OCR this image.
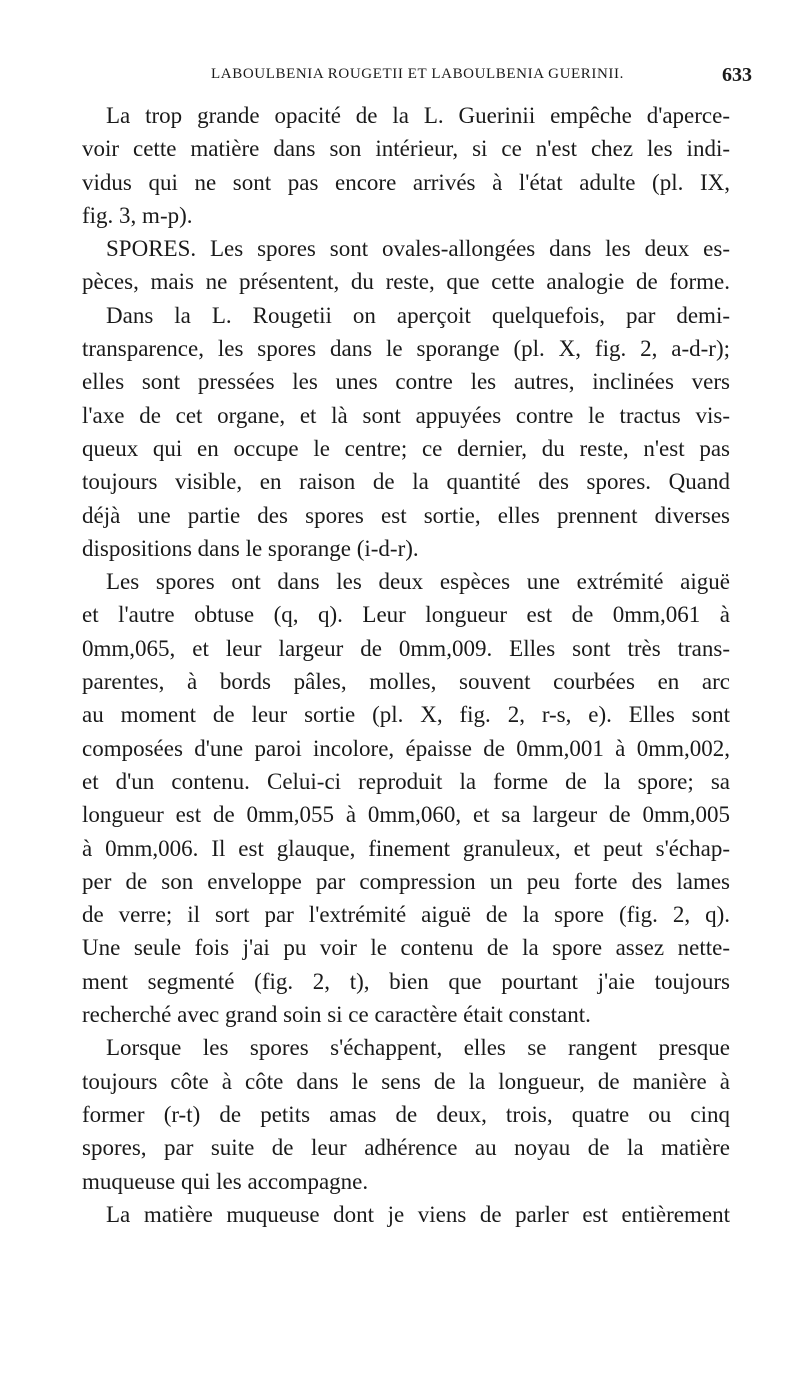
LABOULBENIA ROUGETII ET LABOULBENIA GUERINII.	633
La trop grande opacité de la L. Guerinii empêche d'aperce-
voir cette matière dans son intérieur, si ce n'est chez les indi-
vidus qui ne sont pas encore arrivés à l'état adulte (pl. IX,
fig. 3, m-p).
SPORES. Les spores sont ovales-allongées dans les deux es-
pèces, mais ne présentent, du reste, que cette analogie de forme.
Dans la L. Rougetii on aperçoit quelquefois, par demi-
transparence, les spores dans le sporange (pl. X, fig. 2, a-d-r);
elles sont pressées les unes contre les autres, inclinées vers
l'axe de cet organe, et là sont appuyées contre le tractus vis-
queux qui en occupe le centre; ce dernier, du reste, n'est pas
toujours visible, en raison de la quantité des spores. Quand
déjà une partie des spores est sortie, elles prennent diverses
dispositions dans le sporange (i-d-r).
Les spores ont dans les deux espèces une extrémité aiguë
et l'autre obtuse (q, q). Leur longueur est de 0mm,061 à
0mm,065, et leur largeur de 0mm,009. Elles sont très trans-
parentes, à bords pâles, molles, souvent courbées en arc
au moment de leur sortie (pl. X, fig. 2, r-s, e). Elles sont
composées d'une paroi incolore, épaisse de 0mm,001 à 0mm,002,
et d'un contenu. Celui-ci reproduit la forme de la spore; sa
longueur est de 0mm,055 à 0mm,060, et sa largeur de 0mm,005
à 0mm,006. Il est glauque, finement granuleux, et peut s'échap-
per de son enveloppe par compression un peu forte des lames
de verre; il sort par l'extrémité aiguë de la spore (fig. 2, q).
Une seule fois j'ai pu voir le contenu de la spore assez nette-
ment segmenté (fig. 2, t), bien que pourtant j'aie toujours
recherché avec grand soin si ce caractère était constant.
Lorsque les spores s'échappent, elles se rangent presque
toujours côte à côte dans le sens de la longueur, de manière à
former (r-t) de petits amas de deux, trois, quatre ou cinq
spores, par suite de leur adhérence au noyau de la matière
muqueuse qui les accompagne.
La matière muqueuse dont je viens de parler est entièrement
